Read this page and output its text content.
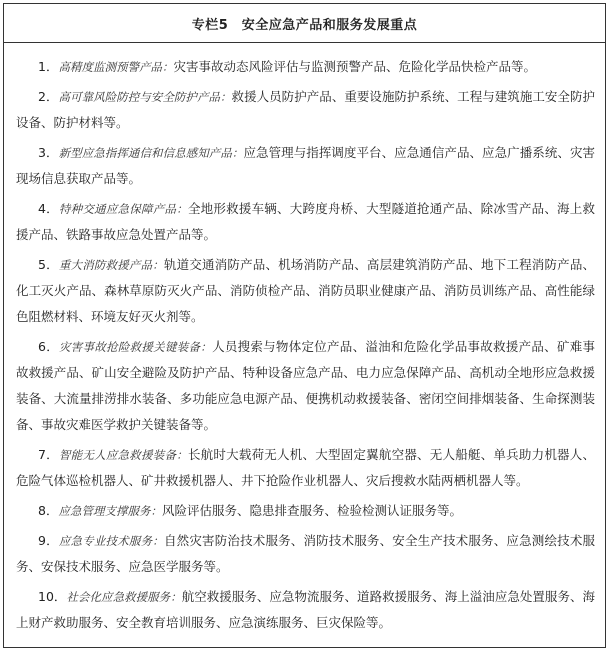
专栏5　安全应急产品和服务发展重点

1．高精度监测预警产品：灾害事故动态风险评估与监测预警产品、危险化学品快检产品等。

2．高可靠风险防控与安全防护产品：救援人员防护产品、重要设施防护系统、工程与建筑施工安全防护设备、防护材料等。

3．新型应急指挥通信和信息感知产品：应急管理与指挥调度平台、应急通信产品、应急广播系统、灾害现场信息获取产品等。

4．特种交通应急保障产品：全地形救援车辆、大跨度舟桥、大型隧道抢通产品、除冰雪产品、海上救援产品、铁路事故应急处置产品等。

5．重大消防救援产品：轨道交通消防产品、机场消防产品、高层建筑消防产品、地下工程消防产品、化工灭火产品、森林草原防灭火产品、消防侦检产品、消防员职业健康产品、消防员训练产品、高性能绿色阻燃材料、环境友好灭火剂等。

6．灾害事故抢险救援关键装备：人员搜索与物体定位产品、溢油和危险化学品事故救援产品、矿难事故救援产品、矿山安全避险及防护产品、特种设备应急产品、电力应急保障产品、高机动全地形应急救援装备、大流量排涝排水装备、多功能应急电源产品、便携机动救援装备、密闭空间排烟装备、生命探测装备、事故灾难医学救护关键装备等。

7．智能无人应急救援装备：长航时大载荷无人机、大型固定翼航空器、无人船艇、单兵助力机器人、危险气体巡检机器人、矿井救援机器人、井下抢险作业机器人、灾后搜救水陆两栖机器人等。

8．应急管理支撑服务：风险评估服务、隐患排查服务、检验检测认证服务等。

9．应急专业技术服务：自然灾害防治技术服务、消防技术服务、安全生产技术服务、应急测绘技术服务、安保技术服务、应急医学服务等。

10．社会化应急救援服务：航空救援服务、应急物流服务、道路救援服务、海上溢油应急处置服务、海上财产救助服务、安全教育培训服务、应急演练服务、巨灾保险等。
